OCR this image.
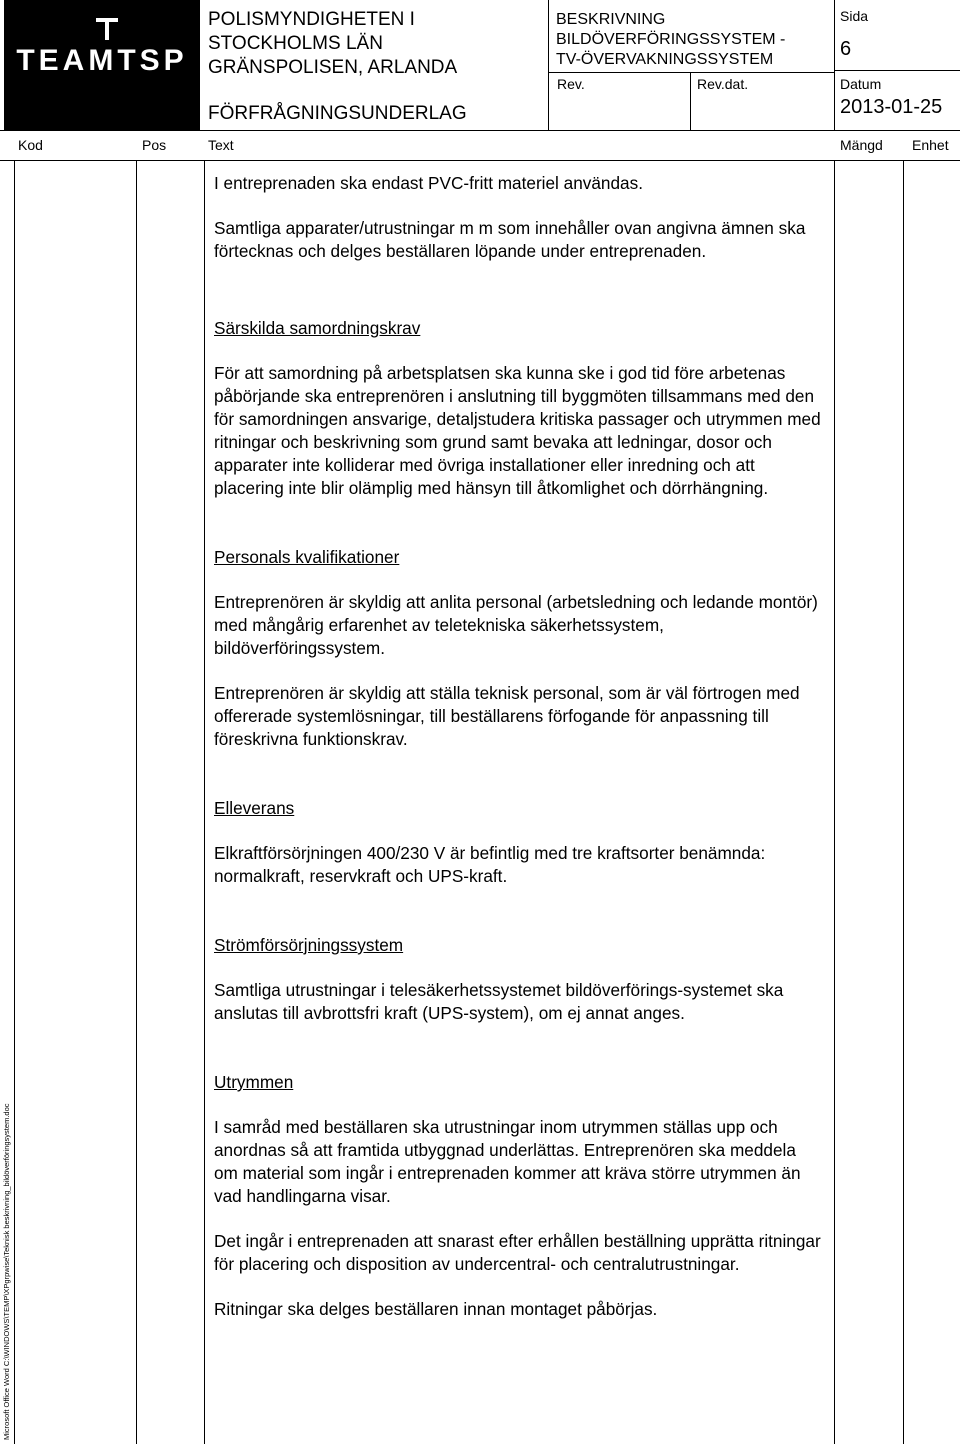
TEAMTSP
POLISMYNDIGHETEN I
STOCKHOLMS LÄN
GRÄNSPOLISEN, ARLANDA
FÖRFRÅGNINGSUNDERLAG
BESKRIVNING
BILDÖVERFÖRINGSSYSTEM -
TV-ÖVERVAKNINGSSYSTEM
Rev.	Rev.dat.
Sida
6
Datum
2013-01-25
Kod	Pos	Text	Mängd Enhet

I entreprenaden ska endast PVC-fritt materiel användas.

Samtliga apparater/utrustningar m m som innehåller ovan angivna ämnen ska förtecknas och delges beställaren löpande under entreprenaden.

Särskilda samordningskrav

För att samordning på arbetsplatsen ska kunna ske i god tid före arbetenas påbörjande ska entreprenören i anslutning till byggmöten tillsammans med den för samordningen ansvarige, detaljstudera kritiska passager och utrymmen med ritningar och beskrivning som grund samt bevaka att ledningar, dosor och apparater inte kolliderar med övriga installationer eller inredning och att placering inte blir olämplig med hänsyn till åtkomlighet och dörrhängning.

Personals kvalifikationer

Entreprenören är skyldig att anlita personal (arbetsledning och ledande montör) med mångårig erfarenhet av teletekniska säkerhetssystem, bildöverföringssystem.

Entreprenören är skyldig att ställa teknisk personal, som är väl förtrogen med offererade systemlösningar, till beställarens förfogande för anpassning till föreskrivna funktionskrav.

Elleverans

Elkraftförsörjningen 400/230 V är befintlig med tre kraftsorter benämnda: normalkraft, reservkraft och UPS-kraft.

Strömförsörjningssystem

Samtliga utrustningar i telesäkerhetssystemet bildöverförings-systemet ska anslutas till avbrottsfri kraft (UPS-system), om ej annat anges.

Utrymmen

I samråd med beställaren ska utrustningar inom utrymmen ställas upp och anordnas så att framtida utbyggnad underlättas. Entreprenören ska meddela om material som ingår i entreprenaden kommer att kräva större utrymmen än vad handlingarna visar.

Det ingår i entreprenaden att snarast efter erhållen beställning upprätta ritningar för placering och disposition av undercentral- och centralutrustningar.

Ritningar ska delges beställaren innan montaget påbörjas.

Microsoft Office Word C:\WINDOWS\TEMP\XPgrpwise\Teknisk beskrivning_bildöverföringsystem.doc
